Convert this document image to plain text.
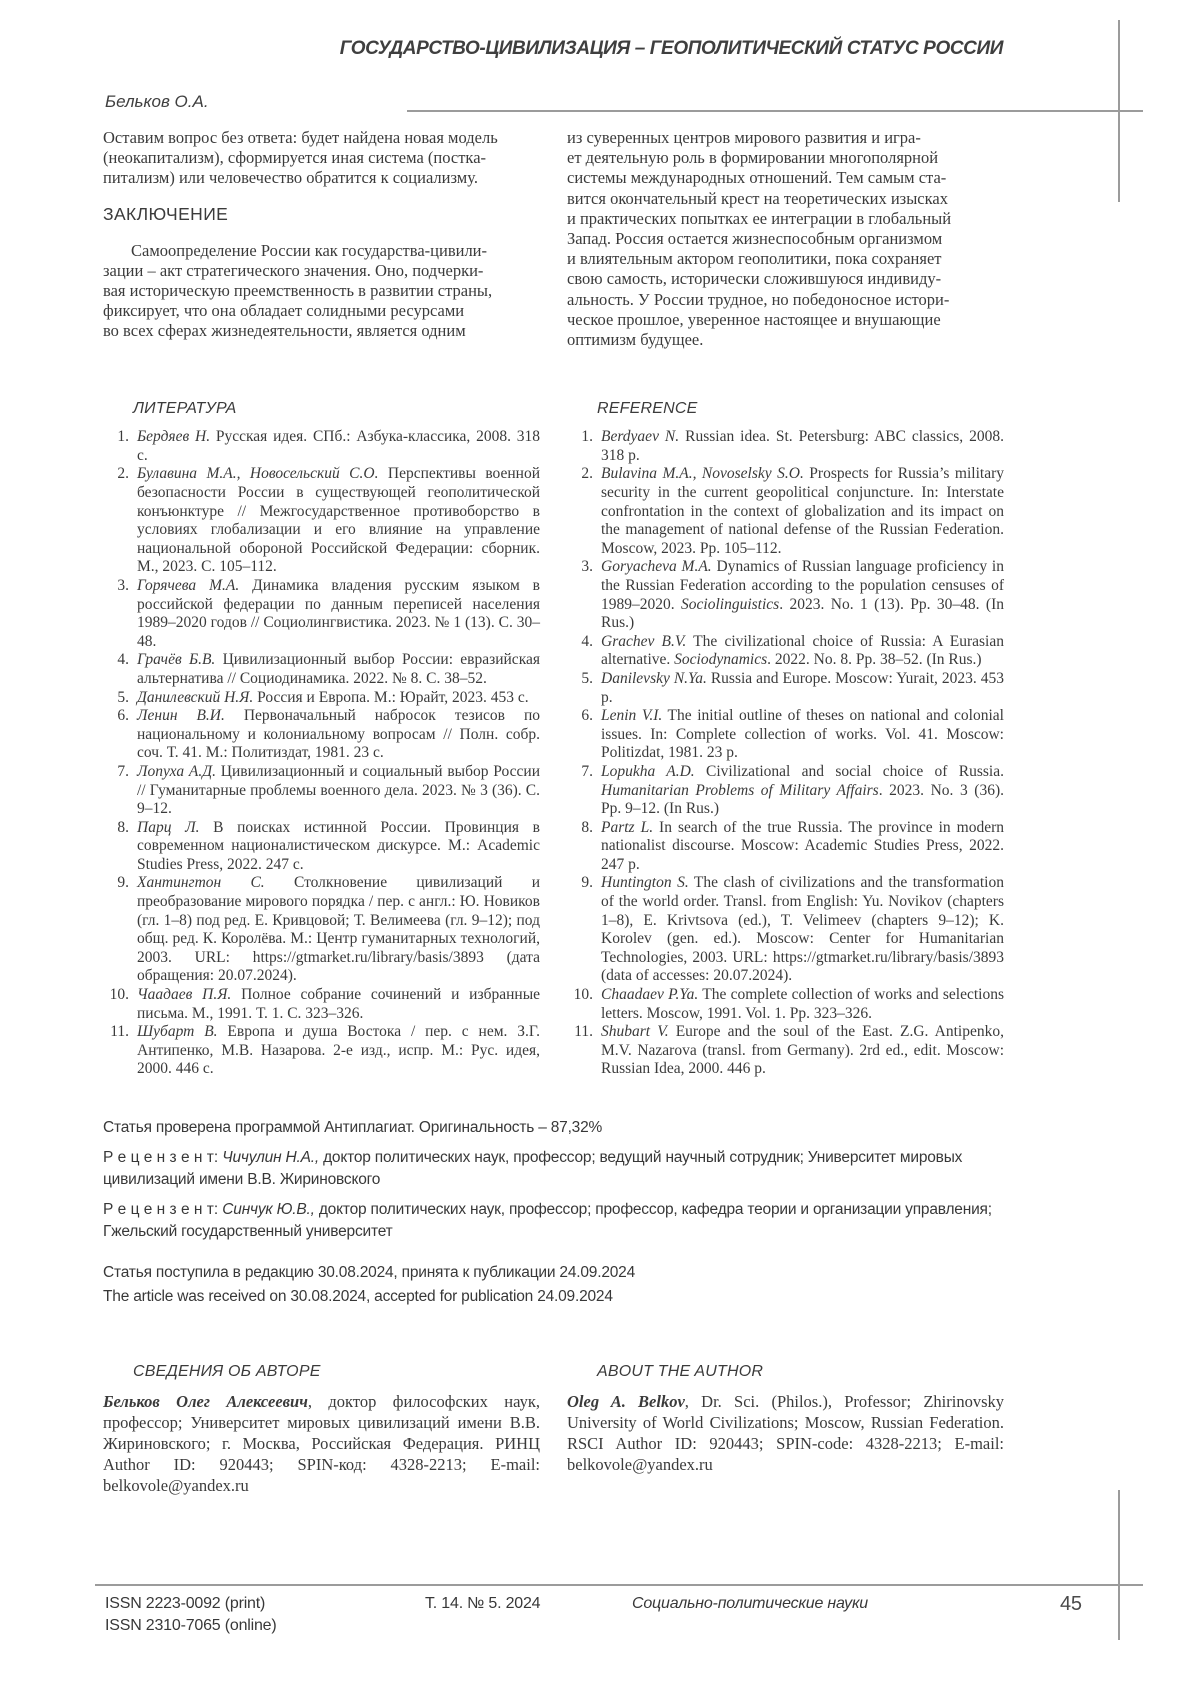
ГОСУДАРСТВО-ЦИВИЛИЗАЦИЯ – ГЕОПОЛИТИЧЕСКИЙ СТАТУС РОССИИ
Бельков О.А.
Оставим вопрос без ответа: будет найдена новая модель
(неокапитализм), сформируется иная система (постка-
питализм) или человечество обратится к социализму.
ЗАКЛЮЧЕНИЕ
Самоопределение России как государства-цивили-
зации – акт стратегического значения. Оно, подчерки-
вая историческую преемственность в развитии страны,
фиксирует, что она обладает солидными ресурсами
во всех сферах жизнедеятельности, является одним
из суверенных центров мирового развития и игра-
ет деятельную роль в формировании многополярной
системы международных отношений. Тем самым ста-
вится окончательный крест на теоретических изысках
и практических попытках ее интеграции в глобальный
Запад. Россия остается жизнеспособным организмом
и влиятельным актором геополитики, пока сохраняет
свою самость, исторически сложившуюся индивиду-
альность. У России трудное, но победоносное истори-
ческое прошлое, уверенное настоящее и внушающие
оптимизм будущее.
ЛИТЕРАТУРА
1. Бердяев Н. Русская идея. СПб.: Азбука-классика, 2008. 318 с.
2. Булавина М.А., Новосельский С.О. Перспективы военной безопасности России в существующей геополитической конъюнктуре // Межгосударственное противоборство в условиях глобализации и его влияние на управление национальной обороной Российской Федерации: сборник. М., 2023. С. 105–112.
3. Горячева М.А. Динамика владения русским языком в российской федерации по данным переписей населения 1989–2020 годов // Социолингвистика. 2023. № 1 (13). С. 30–48.
4. Грачёв Б.В. Цивилизационный выбор России: евразийская альтернатива // Социодинамика. 2022. № 8. С. 38–52.
5. Данилевский Н.Я. Россия и Европа. М.: Юрайт, 2023. 453 с.
6. Ленин В.И. Первоначальный набросок тезисов по национальному и колониальному вопросам // Полн. собр. соч. Т. 41. М.: Политиздат, 1981. 23 с.
7. Лопуха А.Д. Цивилизационный и социальный выбор России // Гуманитарные проблемы военного дела. 2023. № 3 (36). С. 9–12.
8. Парц Л. В поисках истинной России. Провинция в современном националистическом дискурсе. М.: Academic Studies Press, 2022. 247 с.
9. Хантингтон С. Столкновение цивилизаций и преобразование мирового порядка / пер. с англ.: Ю. Новиков (гл. 1–8) под ред. Е. Кривцовой; Т. Велимеева (гл. 9–12); под общ. ред. К. Королёва. М.: Центр гуманитарных технологий, 2003. URL: https://gtmarket.ru/library/basis/3893 (дата обращения: 20.07.2024).
10. Чаадаев П.Я. Полное собрание сочинений и избранные письма. М., 1991. Т. 1. С. 323–326.
11. Шубарт В. Европа и душа Востока / пер. с нем. З.Г. Антипенко, М.В. Назарова. 2-е изд., испр. М.: Рус. идея, 2000. 446 с.
REFERENCE
1. Berdyaev N. Russian idea. St. Petersburg: ABC classics, 2008. 318 p.
2. Bulavina M.A., Novoselsky S.O. Prospects for Russia’s military security in the current geopolitical conjuncture. In: Interstate confrontation in the context of globalization and its impact on the management of national defense of the Russian Federation. Moscow, 2023. Pp. 105–112.
3. Goryacheva M.A. Dynamics of Russian language proficiency in the Russian Federation according to the population censuses of 1989–2020. Sociolinguistics. 2023. No. 1 (13). Pp. 30–48. (In Rus.)
4. Grachev B.V. The civilizational choice of Russia: A Eurasian alternative. Sociodynamics. 2022. No. 8. Pp. 38–52. (In Rus.)
5. Danilevsky N.Ya. Russia and Europe. Moscow: Yurait, 2023. 453 p.
6. Lenin V.I. The initial outline of theses on national and colonial issues. In: Complete collection of works. Vol. 41. Moscow: Politizdat, 1981. 23 p.
7. Lopukha A.D. Civilizational and social choice of Russia. Humanitarian Problems of Military Affairs. 2023. No. 3 (36). Pp. 9–12. (In Rus.)
8. Partz L. In search of the true Russia. The province in modern nationalist discourse. Moscow: Academic Studies Press, 2022. 247 p.
9. Huntington S. The clash of civilizations and the transformation of the world order. Transl. from English: Yu. Novikov (chapters 1–8), E. Krivtsova (ed.), T. Velimeev (chapters 9–12); K. Korolev (gen. ed.). Moscow: Center for Humanitarian Technologies, 2003. URL: https://gtmarket.ru/library/basis/3893 (data of accesses: 20.07.2024).
10. Chaadaev P.Ya. The complete collection of works and selections letters. Moscow, 1991. Vol. 1. Pp. 323–326.
11. Shubart V. Europe and the soul of the East. Z.G. Antipenko, M.V. Nazarova (transl. from Germany). 2rd ed., edit. Moscow: Russian Idea, 2000. 446 p.
Статья проверена программой Антиплагиат. Оригинальность – 87,32%
Р е ц е н з е н т: Чичулин Н.А., доктор политических наук, профессор; ведущий научный сотрудник; Университет мировых цивилизаций имени В.В. Жириновского
Р е ц е н з е н т: Синчук Ю.В., доктор политических наук, профессор; профессор, кафедра теории и организации управления; Гжельский государственный университет
Статья поступила в редакцию 30.08.2024, принята к публикации 24.09.2024
The article was received on 30.08.2024, accepted for publication 24.09.2024
СВЕДЕНИЯ ОБ АВТОРЕ

Бельков Олег Алексеевич, доктор философских наук, профессор; Университет мировых цивилизаций имени В.В. Жириновского; г. Москва, Российская Федерация. РИНЦ Author ID: 920443; SPIN-код: 4328-2213; E-mail: belkovole@yandex.ru

ABOUT THE AUTHOR

Oleg A. Belkov, Dr. Sci. (Philos.), Professor; Zhirinovsky University of World Civilizations; Moscow, Russian Federation. RSCI Author ID: 920443; SPIN-code: 4328-2213; E-mail: belkovole@yandex.ru

ISSN 2223-0092 (print)
ISSN 2310-7065 (online)
Т. 14. № 5. 2024	Социально-политические науки	45
